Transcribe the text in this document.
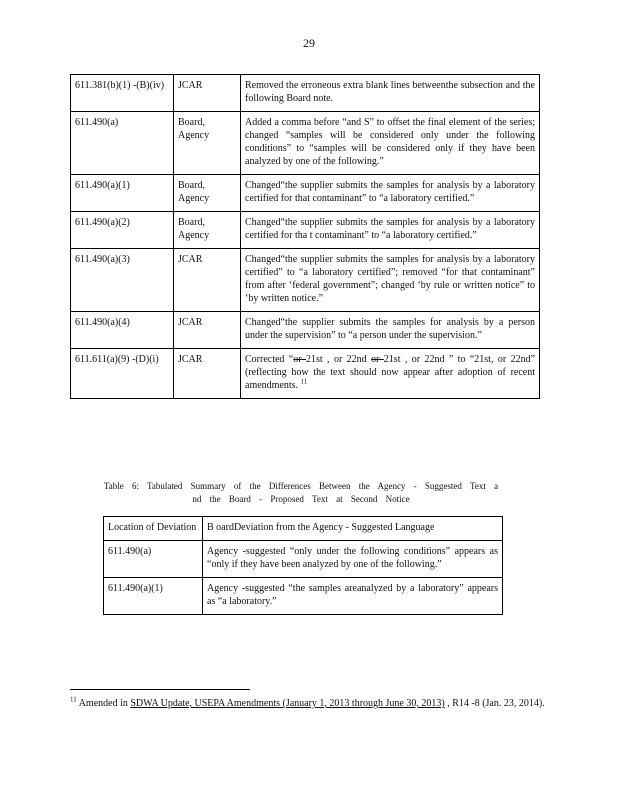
29
611.381(b)(1) -(B)(iv)	JCAR	Removed the erroneous extra blank lines betweenthe subsection and the following Board note.
611.490(a)	Board, Agency	Added a comma before “and S” to offset the final element of the series; changed “samples will be considered only under the following conditions” to “samples will be considered only if they have been analyzed by one of the following.”
611.490(a)(1)	Board, Agency	Changed“the supplier submits the samples for analysis by a laboratory certified for that contaminant” to “a laboratory certified.”
611.490(a)(2)	Board, Agency	Changed“the supplier submits the samples for analysis by a laboratory certified for tha t contaminant” to “a laboratory certified.”
611.490(a)(3)	JCAR	Changed“the supplier submits the samples for analysis by a laboratory certified” to “a laboratory certified”; removed “for that contaminant” from after ‘federal government”; changed ‘by rule or written notice” to ‘by written notice.”
611.490(a)(4)	JCAR	Changed“the supplier submits the samples for analysis by a person under the supervision” to “a person under the supervision.”
611.611(a)(9) -(D)(i)	JCAR	Corrected “or 21st , or 22nd or 21st , or 22nd ” to “21st, or 22nd” (reflecting how the text should now appear after adoption of recent amendments. $^{11}$
Table 6: Tabulated Summary of the Differences Between the Agency - Suggested Text a nd the Board - Proposed Text at Second Notice
Location of Deviation	B oardDeviation from the Agency - Suggested Language
611.490(a)	Agency -suggested “only under the following conditions” appears as “only if they have been analyzed by one of the following.”
611.490(a)(1)	Agency -suggested “the samples areanalyzed by a laboratory” appears as “a laboratory.”
$^{11}$ Amended in SDWA Update, USEPA Amendments (January 1, 2013 through June 30, 2013) , R14 -8 (Jan. 23, 2014).
